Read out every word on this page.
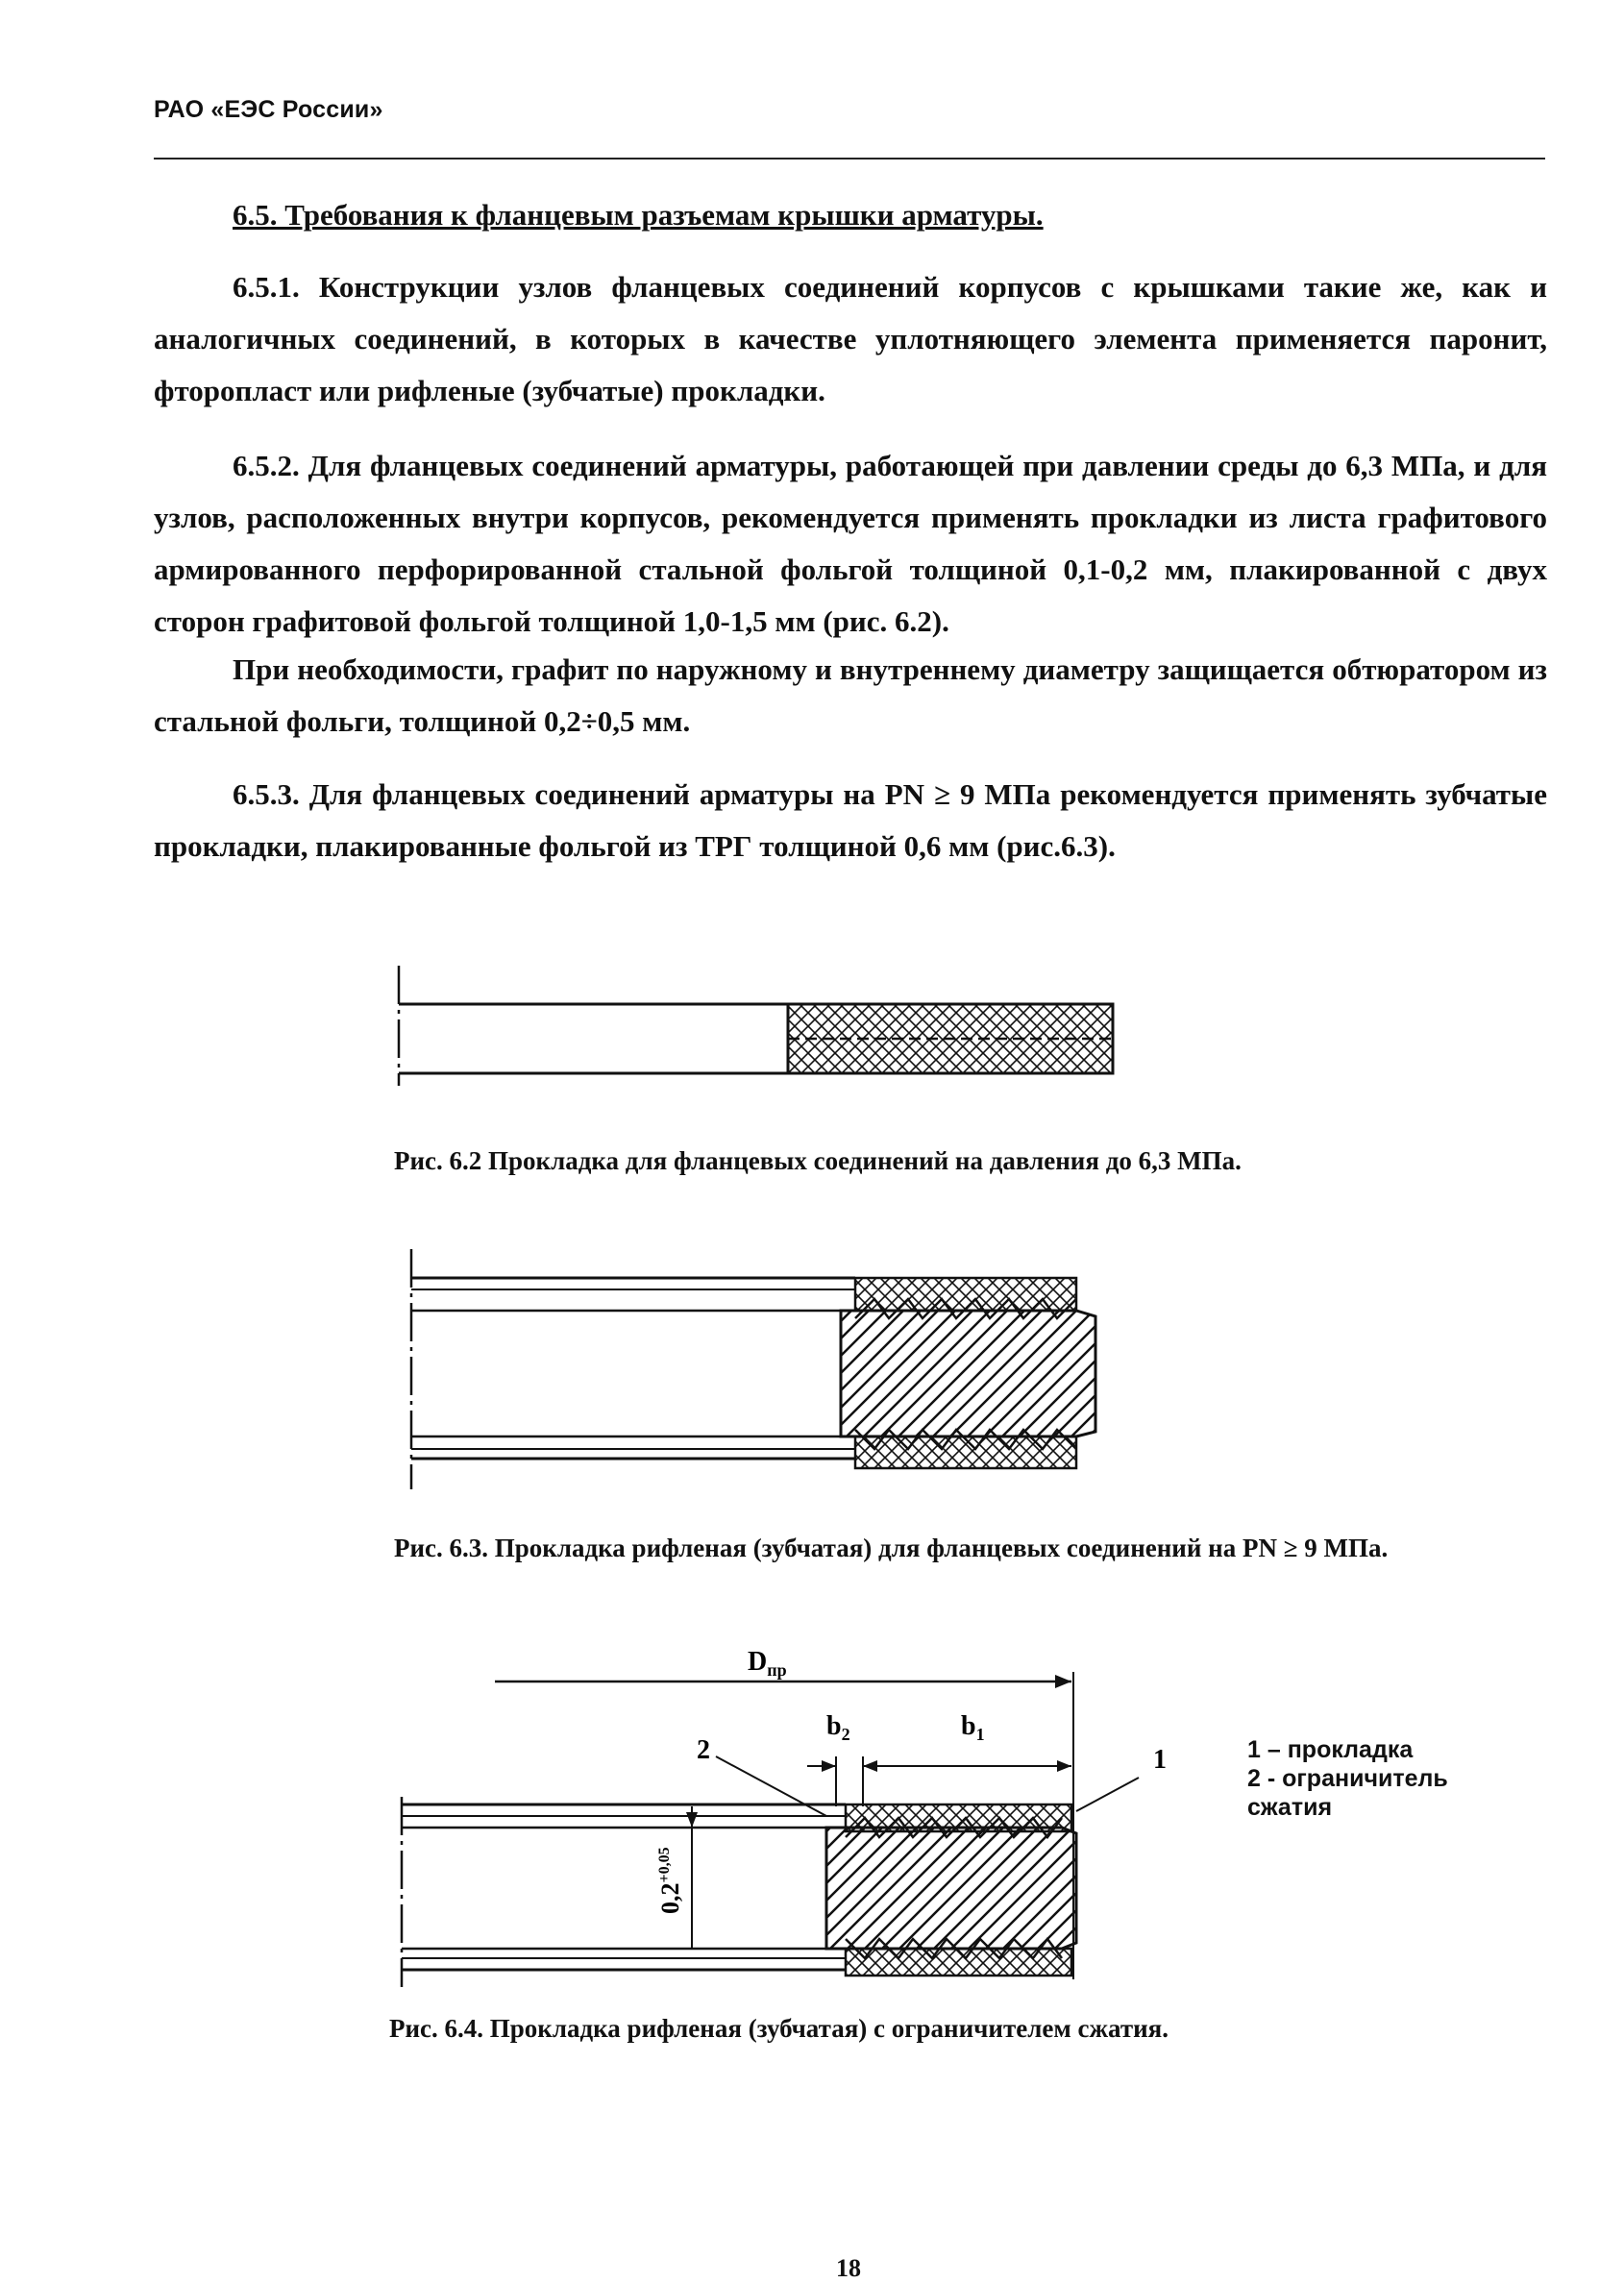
РАО «ЕЭС России»
6.5. Требования к фланцевым разъемам крышки арматуры.
6.5.1. Конструкции узлов фланцевых соединений корпусов с крышками такие же, как и аналогичных соединений, в которых в качестве уплотняющего элемента применяется паронит, фторопласт или рифленые (зубчатые) прокладки.
6.5.2. Для фланцевых соединений арматуры, работающей при давлении среды до 6,3 МПа, и для узлов, расположенных внутри корпусов, рекомендуется применять прокладки из листа графитового армированного перфорированной стальной фольгой толщиной 0,1-0,2 мм, плакированной с двух сторон графитовой фольгой толщиной 1,0-1,5 мм (рис. 6.2).
При необходимости, графит по наружному и внутреннему диаметру защищается обтюратором из стальной фольги, толщиной 0,2÷0,5 мм.
6.5.3. Для фланцевых соединений арматуры на PN ≥ 9 МПа рекомендуется применять зубчатые прокладки, плакированные фольгой из ТРГ толщиной 0,6 мм (рис.6.3).
Рис. 6.2 Прокладка для фланцевых соединений на давления до 6,3 МПа.
Рис. 6.3. Прокладка рифленая (зубчатая) для фланцевых соединений на PN ≥ 9 МПа.
$D_{пр}$
$b_2$	$b_1$
2	1
$0,2^{+0,05}$
1 – прокладка
2 - ограничитель
сжатия
Рис. 6.4. Прокладка рифленая (зубчатая) с ограничителем сжатия.
18
